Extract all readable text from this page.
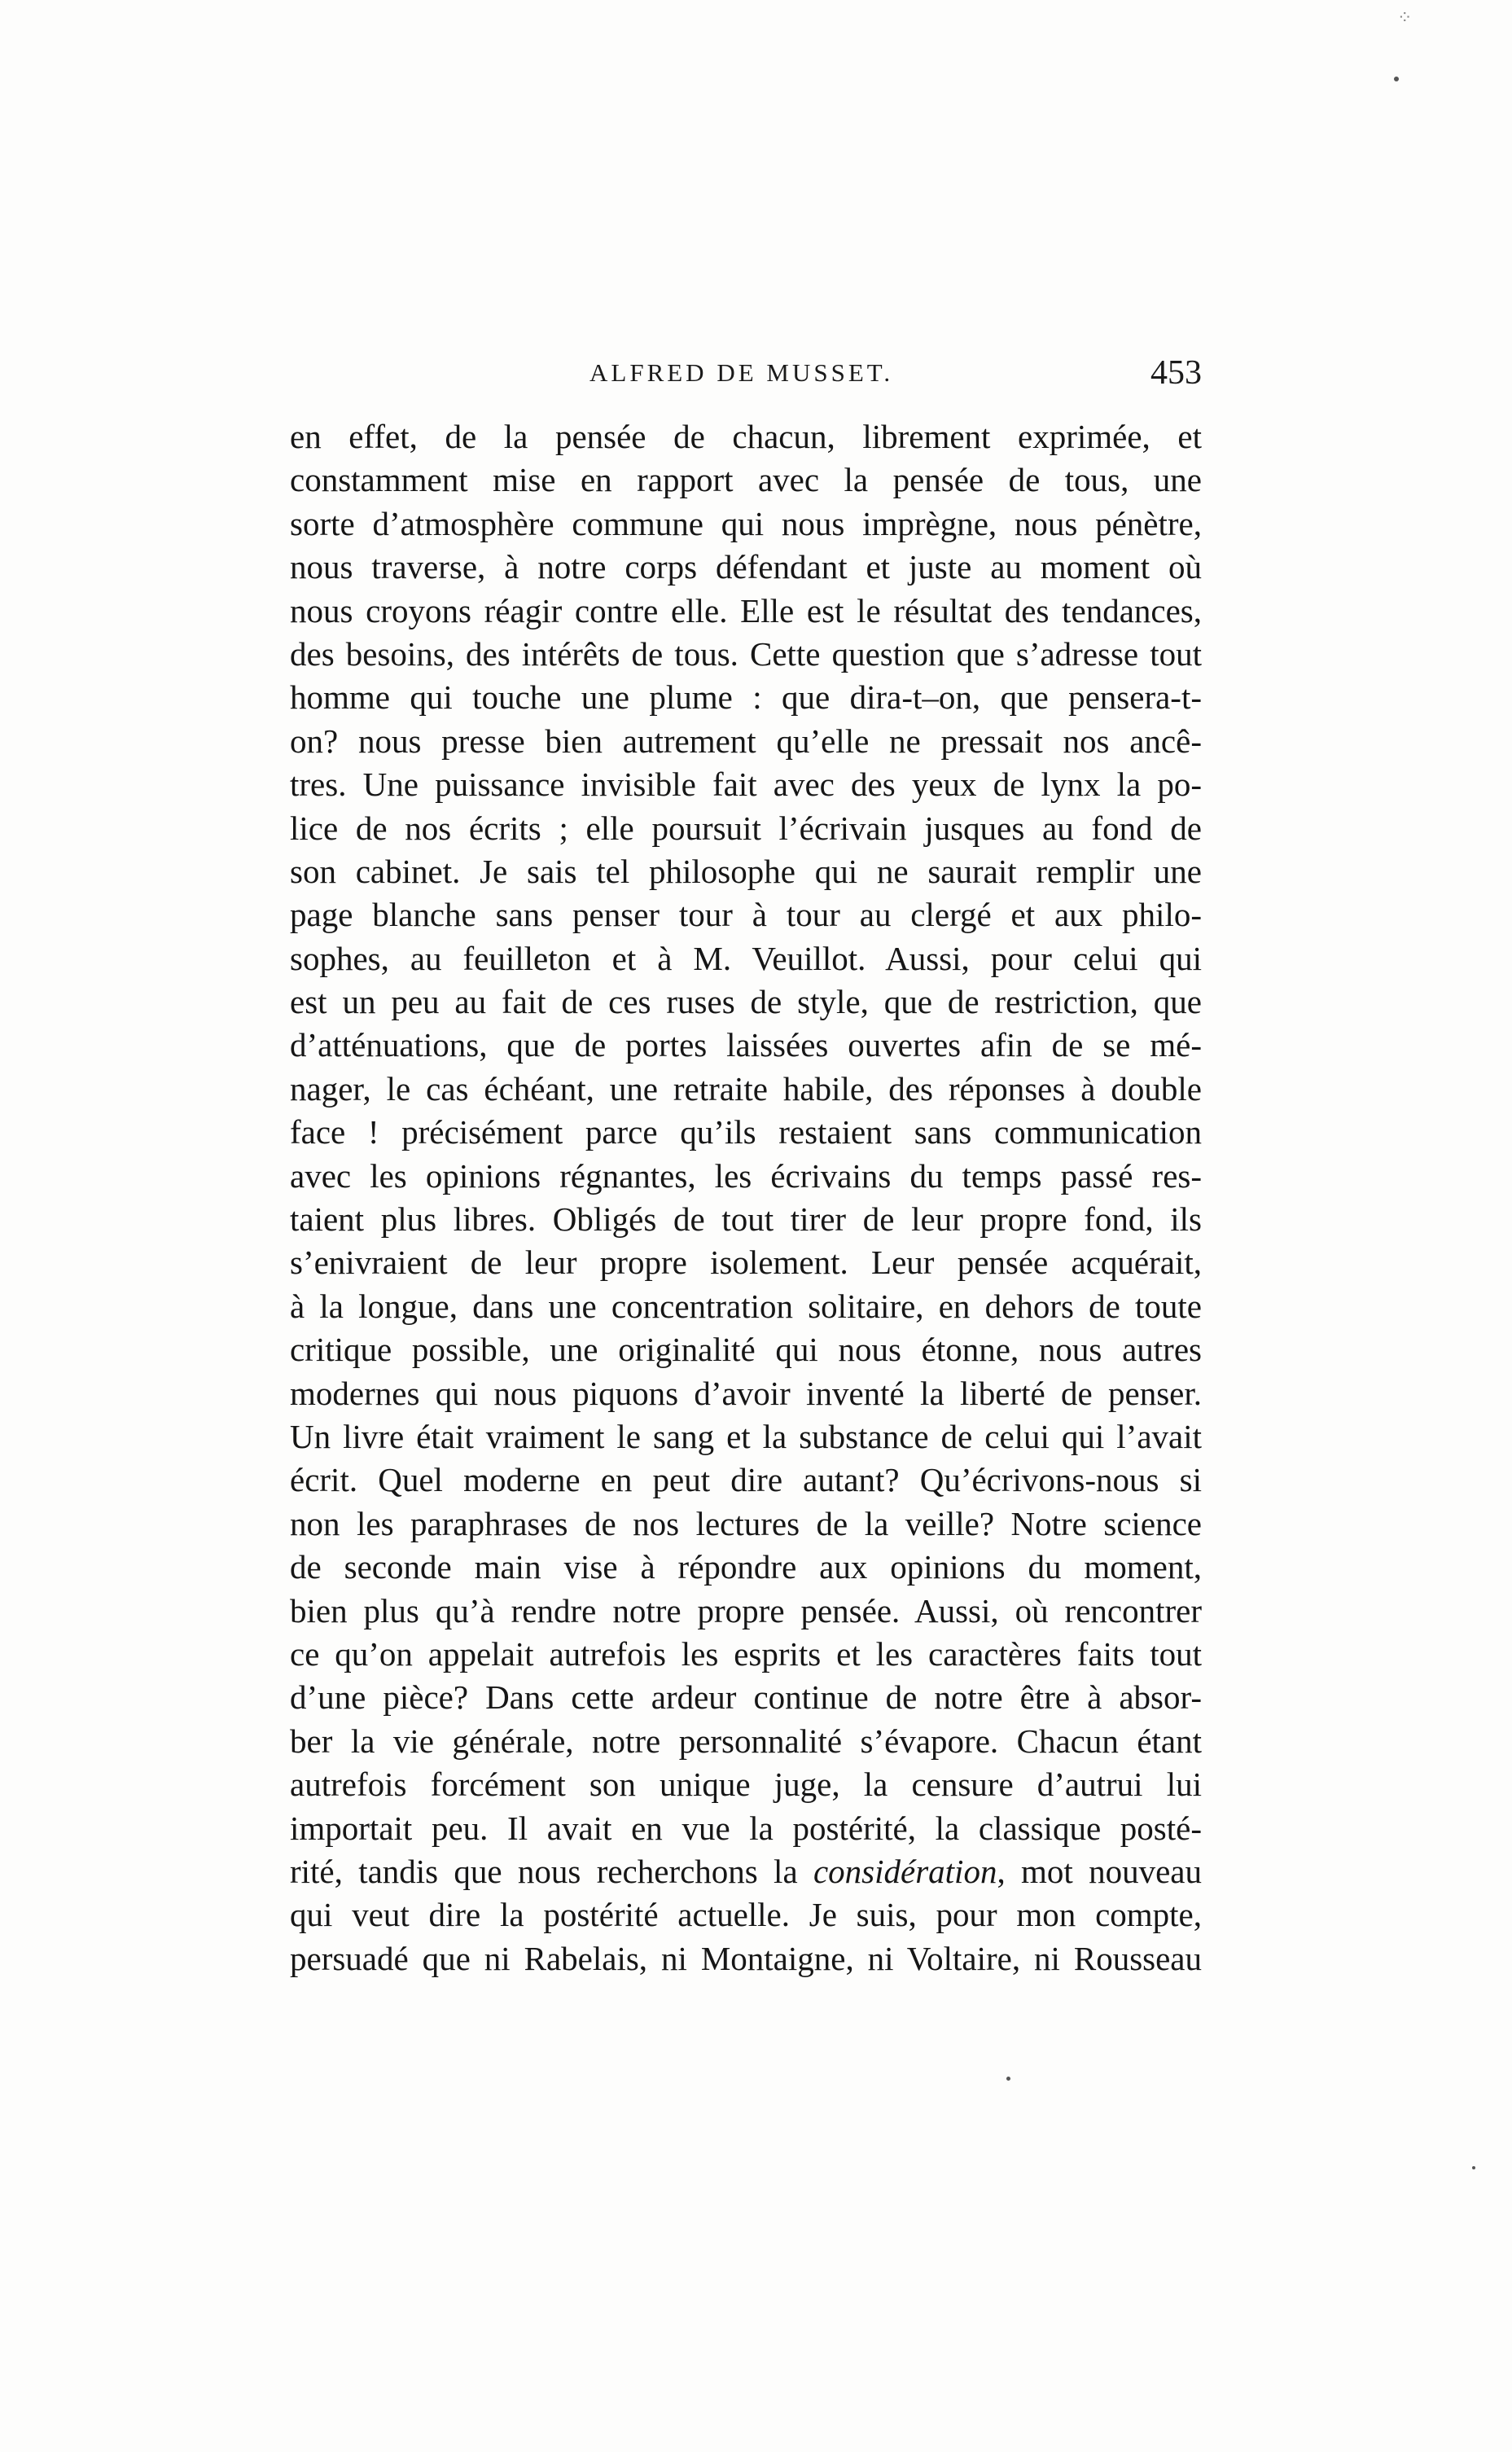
ALFRED DE MUSSET.	453
en effet, de la pensée de chacun, librement exprimée, et
constamment mise en rapport avec la pensée de tous, une
sorte d’atmosphère commune qui nous imprègne, nous pénètre,
nous traverse, à notre corps défendant et juste au moment où
nous croyons réagir contre elle. Elle est le résultat des tendances,
des besoins, des intérêts de tous. Cette question que s’adresse tout
homme qui touche une plume : que dira-t–on, que pensera-t-
on? nous presse bien autrement qu’elle ne pressait nos ancê-
tres. Une puissance invisible fait avec des yeux de lynx la po-
lice de nos écrits ; elle poursuit l’écrivain jusques au fond de
son cabinet. Je sais tel philosophe qui ne saurait remplir une
page blanche sans penser tour à tour au clergé et aux philo-
sophes, au feuilleton et à M. Veuillot. Aussi, pour celui qui
est un peu au fait de ces ruses de style, que de restriction, que
d’atténuations, que de portes laissées ouvertes afin de se mé-
nager, le cas échéant, une retraite habile, des réponses à double
face ! précisément parce qu’ils restaient sans communication
avec les opinions régnantes, les écrivains du temps passé res-
taient plus libres. Obligés de tout tirer de leur propre fond, ils
s’enivraient de leur propre isolement. Leur pensée acquérait,
à la longue, dans une concentration solitaire, en dehors de toute
critique possible, une originalité qui nous étonne, nous autres
modernes qui nous piquons d’avoir inventé la liberté de penser.
Un livre était vraiment le sang et la substance de celui qui l’avait
écrit. Quel moderne en peut dire autant? Qu’écrivons-nous si
non les paraphrases de nos lectures de la veille? Notre science
de seconde main vise à répondre aux opinions du moment,
bien plus qu’à rendre notre propre pensée. Aussi, où rencontrer
ce qu’on appelait autrefois les esprits et les caractères faits tout
d’une pièce? Dans cette ardeur continue de notre être à absor-
ber la vie générale, notre personnalité s’évapore. Chacun étant
autrefois forcément son unique juge, la censure d’autrui lui
importait peu. Il avait en vue la postérité, la classique posté-
rité, tandis que nous recherchons la considération, mot nouveau
qui veut dire la postérité actuelle. Je suis, pour mon compte,
persuadé que ni Rabelais, ni Montaigne, ni Voltaire, ni Rousseau
⁘
